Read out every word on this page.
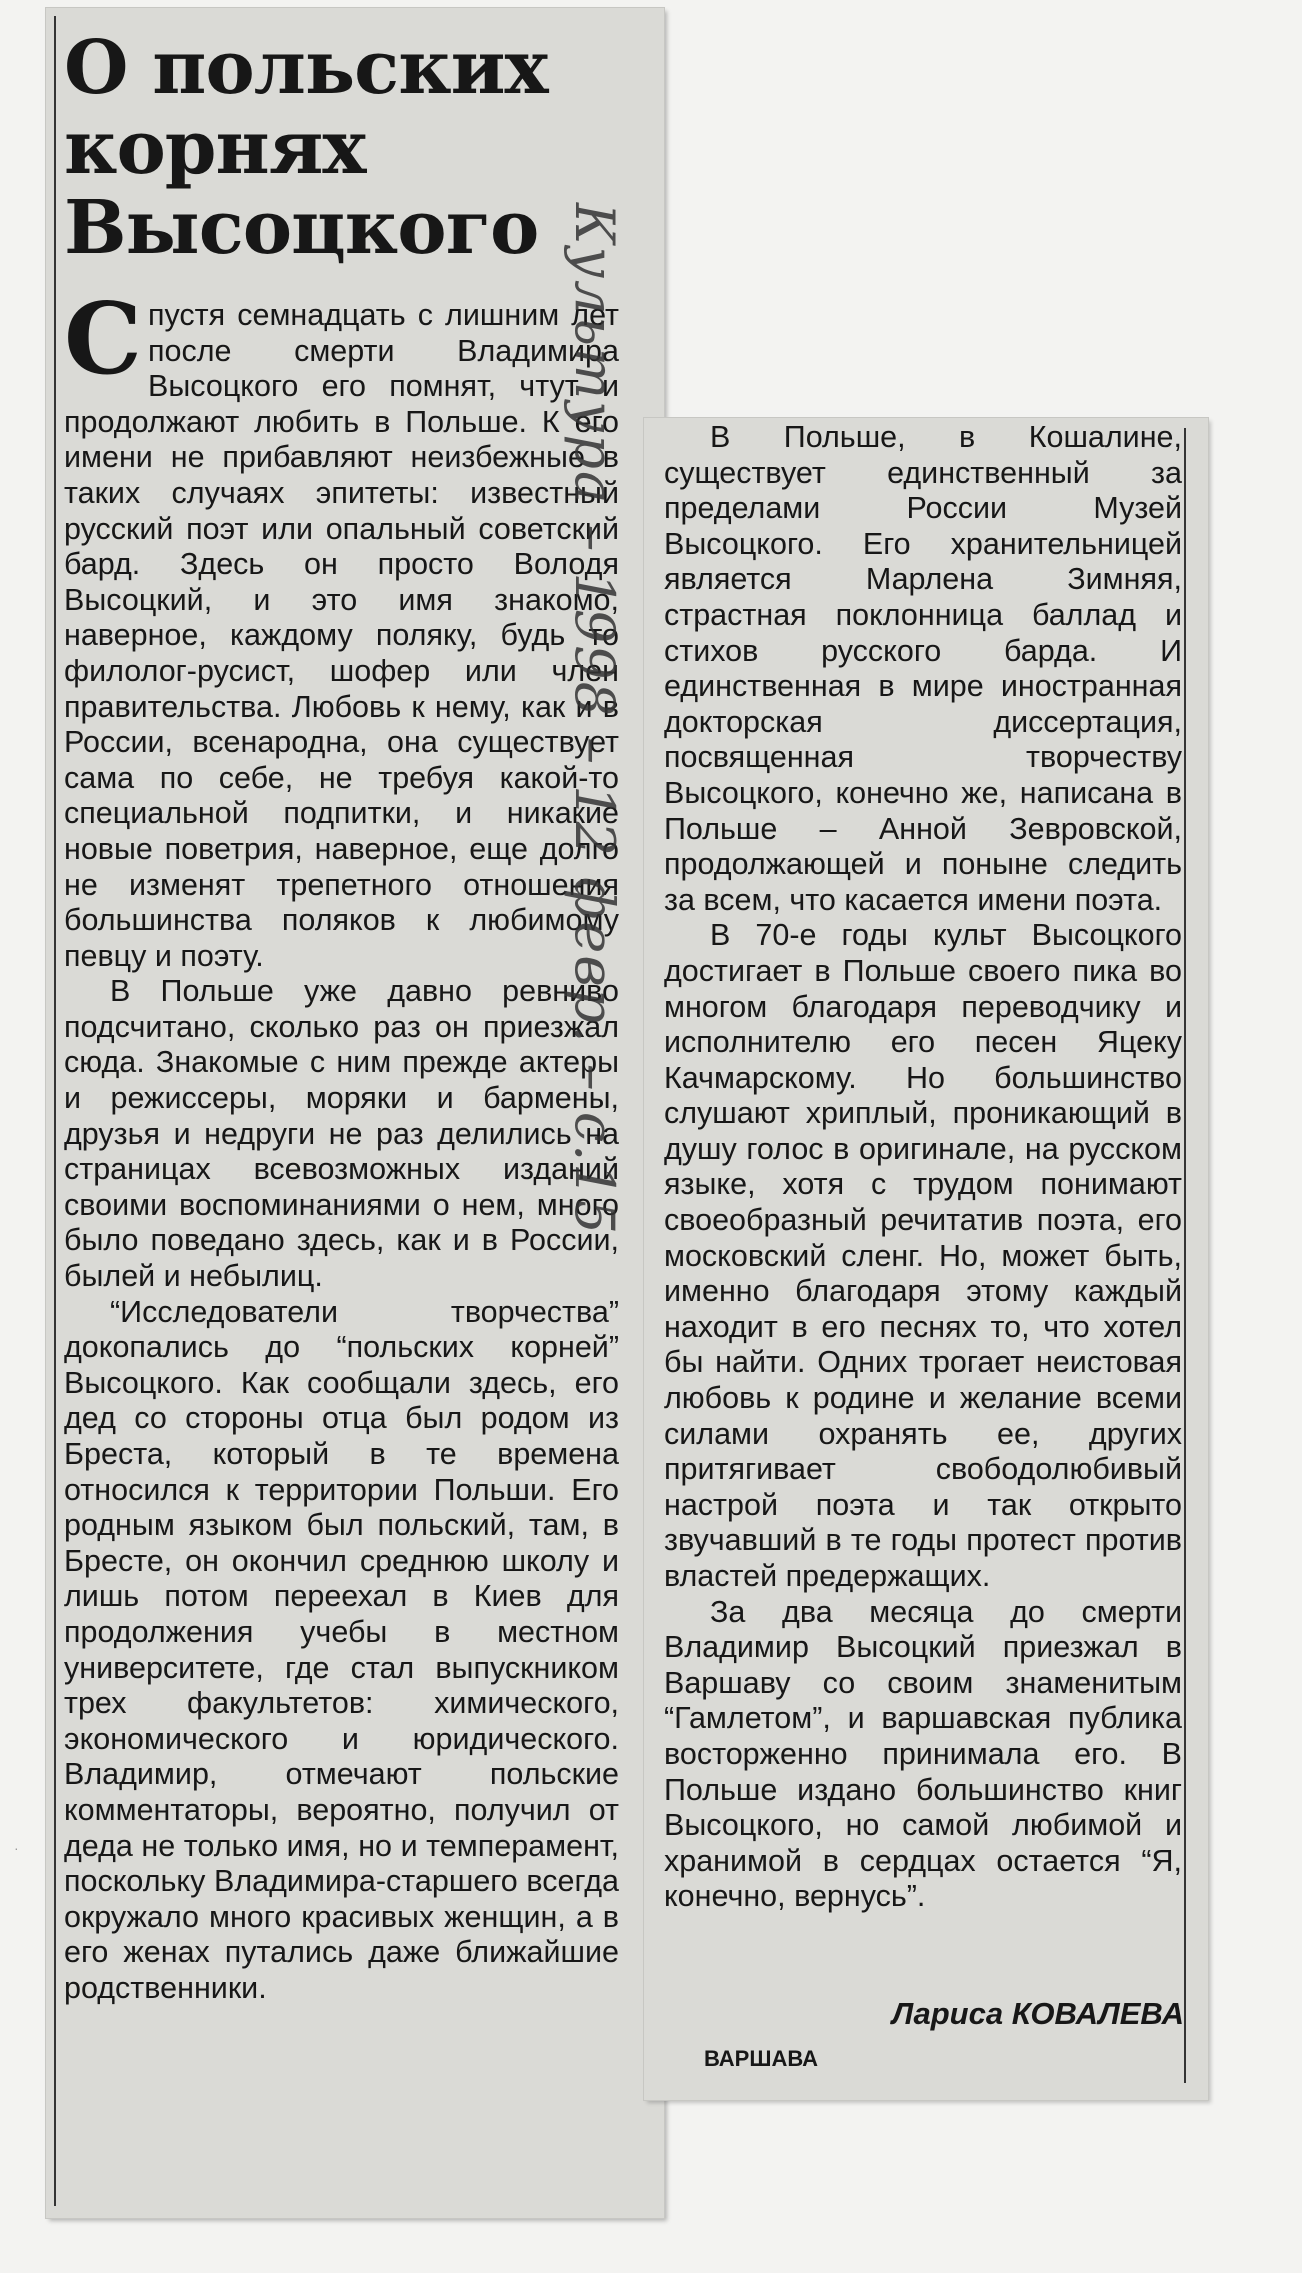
О польских
корнях
Высоцкого

Спустя семнадцать с лишним лет после смерти Владимира Высоцкого его помнят, чтут и продолжают любить в Польше. К его имени не прибавляют неизбежные в таких случаях эпитеты: известный русский поэт или опальный советский бард. Здесь он просто Володя Высоцкий, и это имя знакомо, наверное, каждому поляку, будь то филолог-русист, шофер или член правительства. Любовь к нему, как и в России, всенародна, она существует сама по себе, не требуя какой-то специальной подпитки, и никакие новые поветрия, наверное, еще долго не изменят трепетного отношения большинства поляков к любимому певцу и поэту.

В Польше уже давно ревниво подсчитано, сколько раз он приезжал сюда. Знакомые с ним прежде актеры и режиссеры, моряки и бармены, друзья и недруги не раз делились на страницах всевозможных изданий своими воспоминаниями о нем, много было поведано здесь, как и в России, былей и небылиц.

“Исследователи творчества” докопались до “польских корней” Высоцкого. Как сообщали здесь, его дед со стороны отца был родом из Бреста, который в те времена относился к территории Польши. Его родным языком был польский, там, в Бресте, он окончил среднюю школу и лишь потом переехал в Киев для продолжения учебы в местном университете, где стал выпускником трех факультетов: химического, экономического и юридического. Владимир, отмечают польские комментаторы, вероятно, получил от деда не только имя, но и темперамент, поскольку Владимира-старшего всегда окружало много красивых женщин, а в его женах путались даже ближайшие родственники.

Культура – 1998 – 12 февр. – с.15	В Польше, в Кошалине, существует единственный за пределами России Музей Высоцкого. Его хранительницей является Марлена Зимняя, страстная поклонница баллад и стихов русского барда. И единственная в мире иностранная докторская диссертация, посвященная творчеству Высоцкого, конечно же, написана в Польше – Анной Зевровской, продолжающей и поныне следить за всем, что касается имени поэта.

В 70-е годы культ Высоцкого достигает в Польше своего пика во многом благодаря переводчику и исполнителю его песен Яцеку Качмарскому. Но большинство слушают хриплый, проникающий в душу голос в оригинале, на русском языке, хотя с трудом понимают своеобразный речитатив поэта, его московский сленг. Но, может быть, именно благодаря этому каждый находит в его песнях то, что хотел бы найти. Одних трогает неистовая любовь к родине и желание всеми силами охранять ее, других притягивает свободолюбивый настрой поэта и так открыто звучавший в те годы протест против властей предержащих.

За два месяца до смерти Владимир Высоцкий приезжал в Варшаву со своим знаменитым “Гамлетом”, и варшавская публика восторженно принимала его. В Польше издано большинство книг Высоцкого, но самой любимой и хранимой в сердцах остается “Я, конечно, вернусь”.

Лариса КОВАЛЕВА
ВАРШАВА
·
